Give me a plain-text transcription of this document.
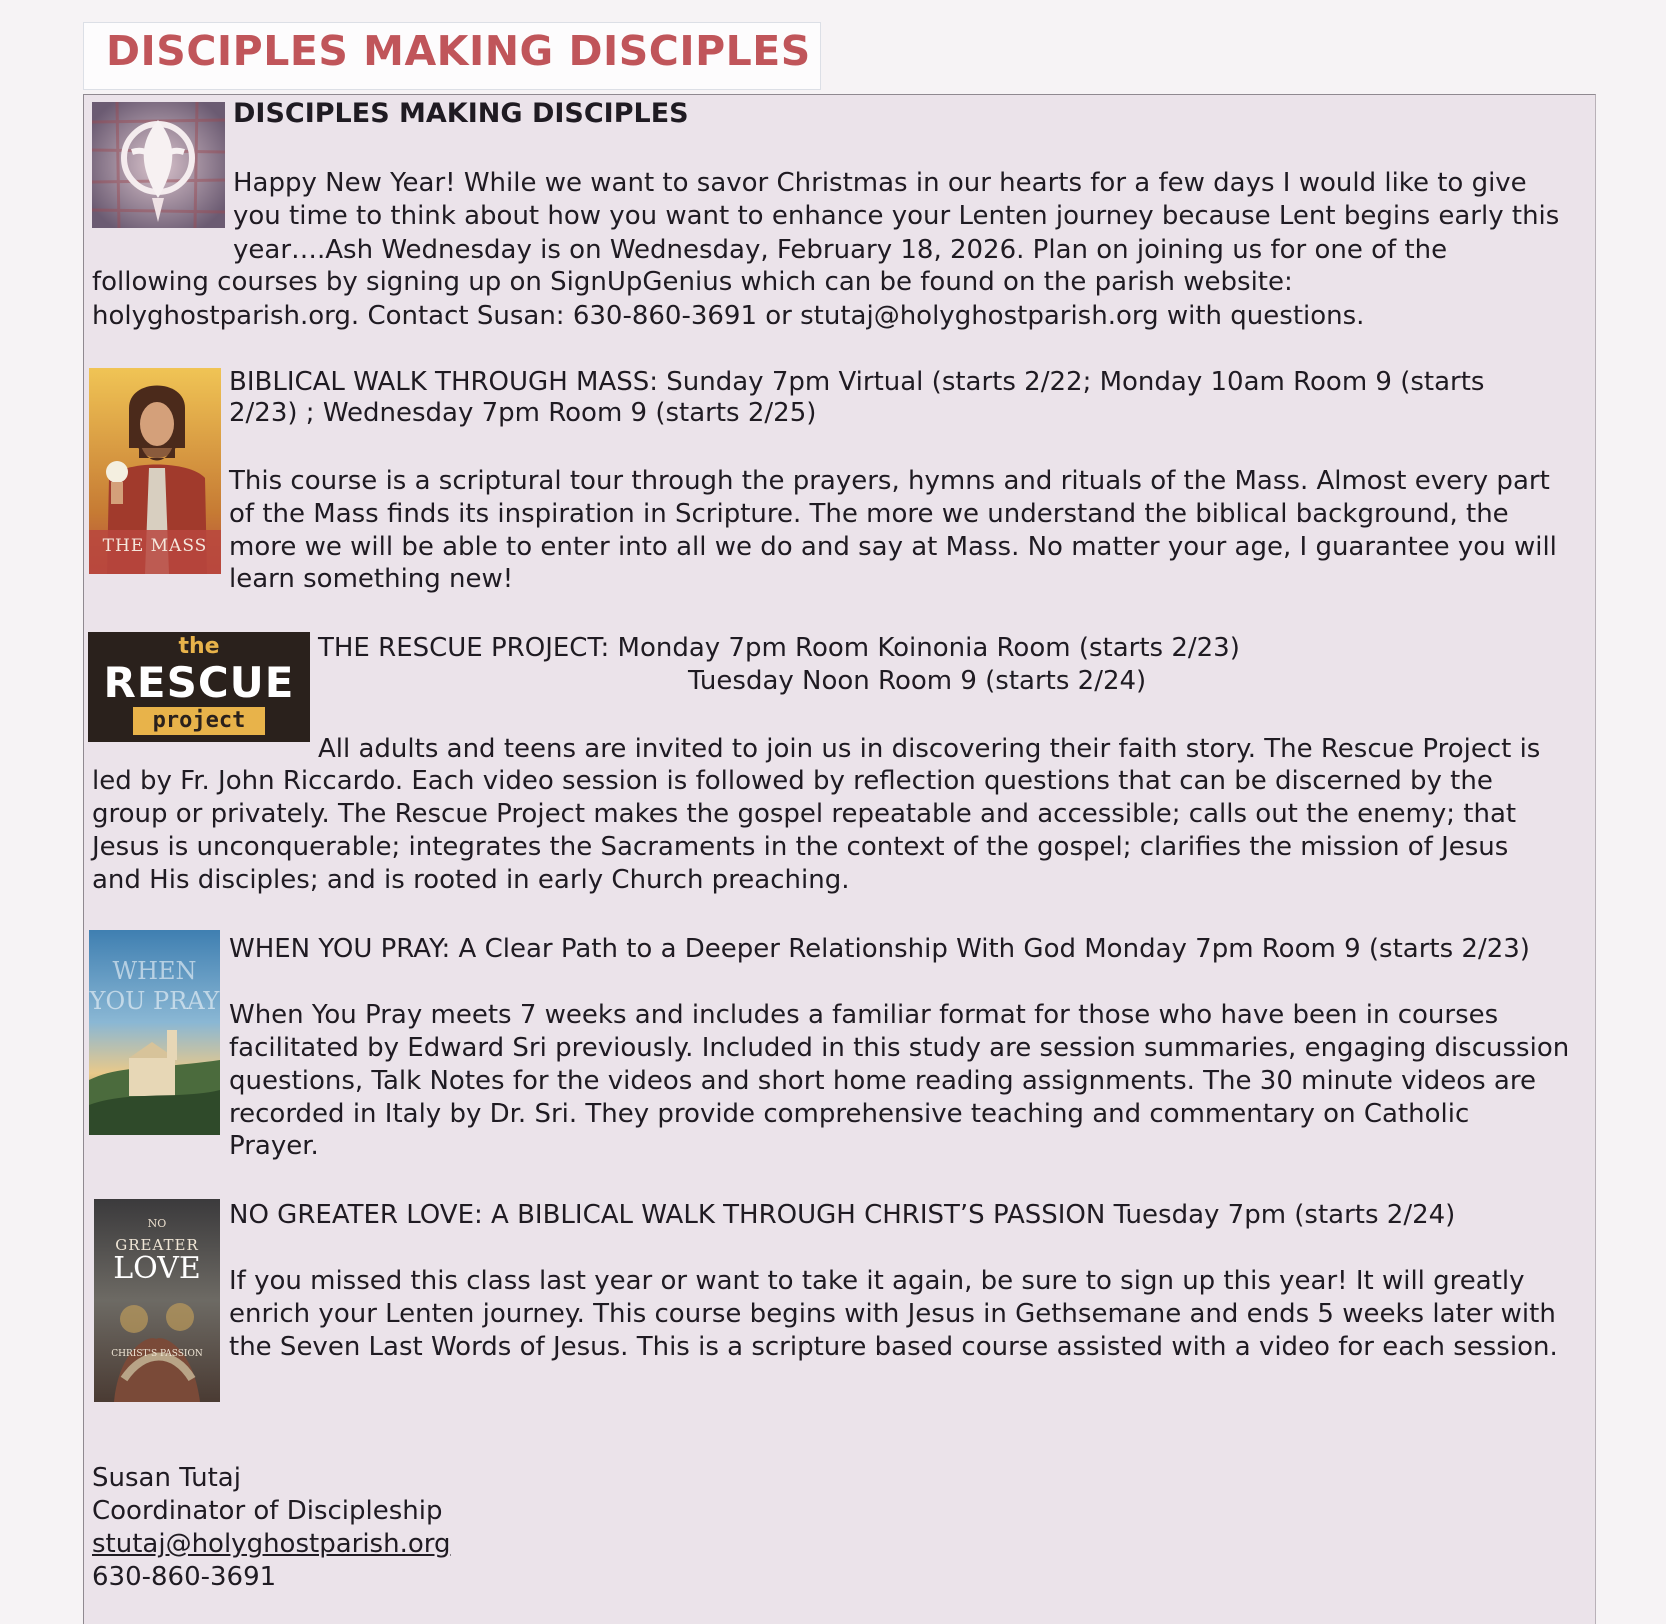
DISCIPLES MAKING DISCIPLES
DISCIPLES MAKING DISCIPLES
Happy New Year! While we want to savor Christmas in our hearts for a few days I would like to give
you time to think about how you want to enhance your Lenten journey because Lent begins early this
year….Ash Wednesday is on Wednesday, February 18, 2026. Plan on joining us for one of the
following courses by signing up on SignUpGenius which can be found on the parish website:
holyghostparish.org. Contact Susan: 630-860-3691 or stutaj@holyghostparish.org with questions.
THE MASS
BIBLICAL WALK THROUGH MASS: Sunday 7pm Virtual (starts 2/22; Monday 10am Room 9 (starts
2/23) ; Wednesday 7pm Room 9 (starts 2/25)
This course is a scriptural tour through the prayers, hymns and rituals of the Mass. Almost every part
of the Mass finds its inspiration in Scripture. The more we understand the biblical background, the
more we will be able to enter into all we do and say at Mass. No matter your age, I guarantee you will
learn something new!
the
RESCUE
project
THE RESCUE PROJECT: Monday 7pm Room Koinonia Room (starts 2/23)
Tuesday Noon Room 9 (starts 2/24)
All adults and teens are invited to join us in discovering their faith story. The Rescue Project is
led by Fr. John Riccardo. Each video session is followed by reflection questions that can be discerned by the
group or privately. The Rescue Project makes the gospel repeatable and accessible; calls out the enemy; that
Jesus is unconquerable; integrates the Sacraments in the context of the gospel; clarifies the mission of Jesus
and His disciples; and is rooted in early Church preaching.
WHEN YOU PRAY
WHEN YOU PRAY: A Clear Path to a Deeper Relationship With God Monday 7pm Room 9 (starts 2/23)
When You Pray meets 7 weeks and includes a familiar format for those who have been in courses
facilitated by Edward Sri previously. Included in this study are session summaries, engaging discussion
questions, Talk Notes for the videos and short home reading assignments. The 30 minute videos are
recorded in Italy by Dr. Sri. They provide comprehensive teaching and commentary on Catholic
Prayer.
NO
GREATER
LOVE
CHRIST'S PASSION
NO GREATER LOVE: A BIBLICAL WALK THROUGH CHRIST’S PASSION Tuesday 7pm (starts 2/24)
If you missed this class last year or want to take it again, be sure to sign up this year! It will greatly
enrich your Lenten journey. This course begins with Jesus in Gethsemane and ends 5 weeks later with
the Seven Last Words of Jesus. This is a scripture based course assisted with a video for each session.
Susan Tutaj
Coordinator of Discipleship
stutaj@holyghostparish.org
630-860-3691
